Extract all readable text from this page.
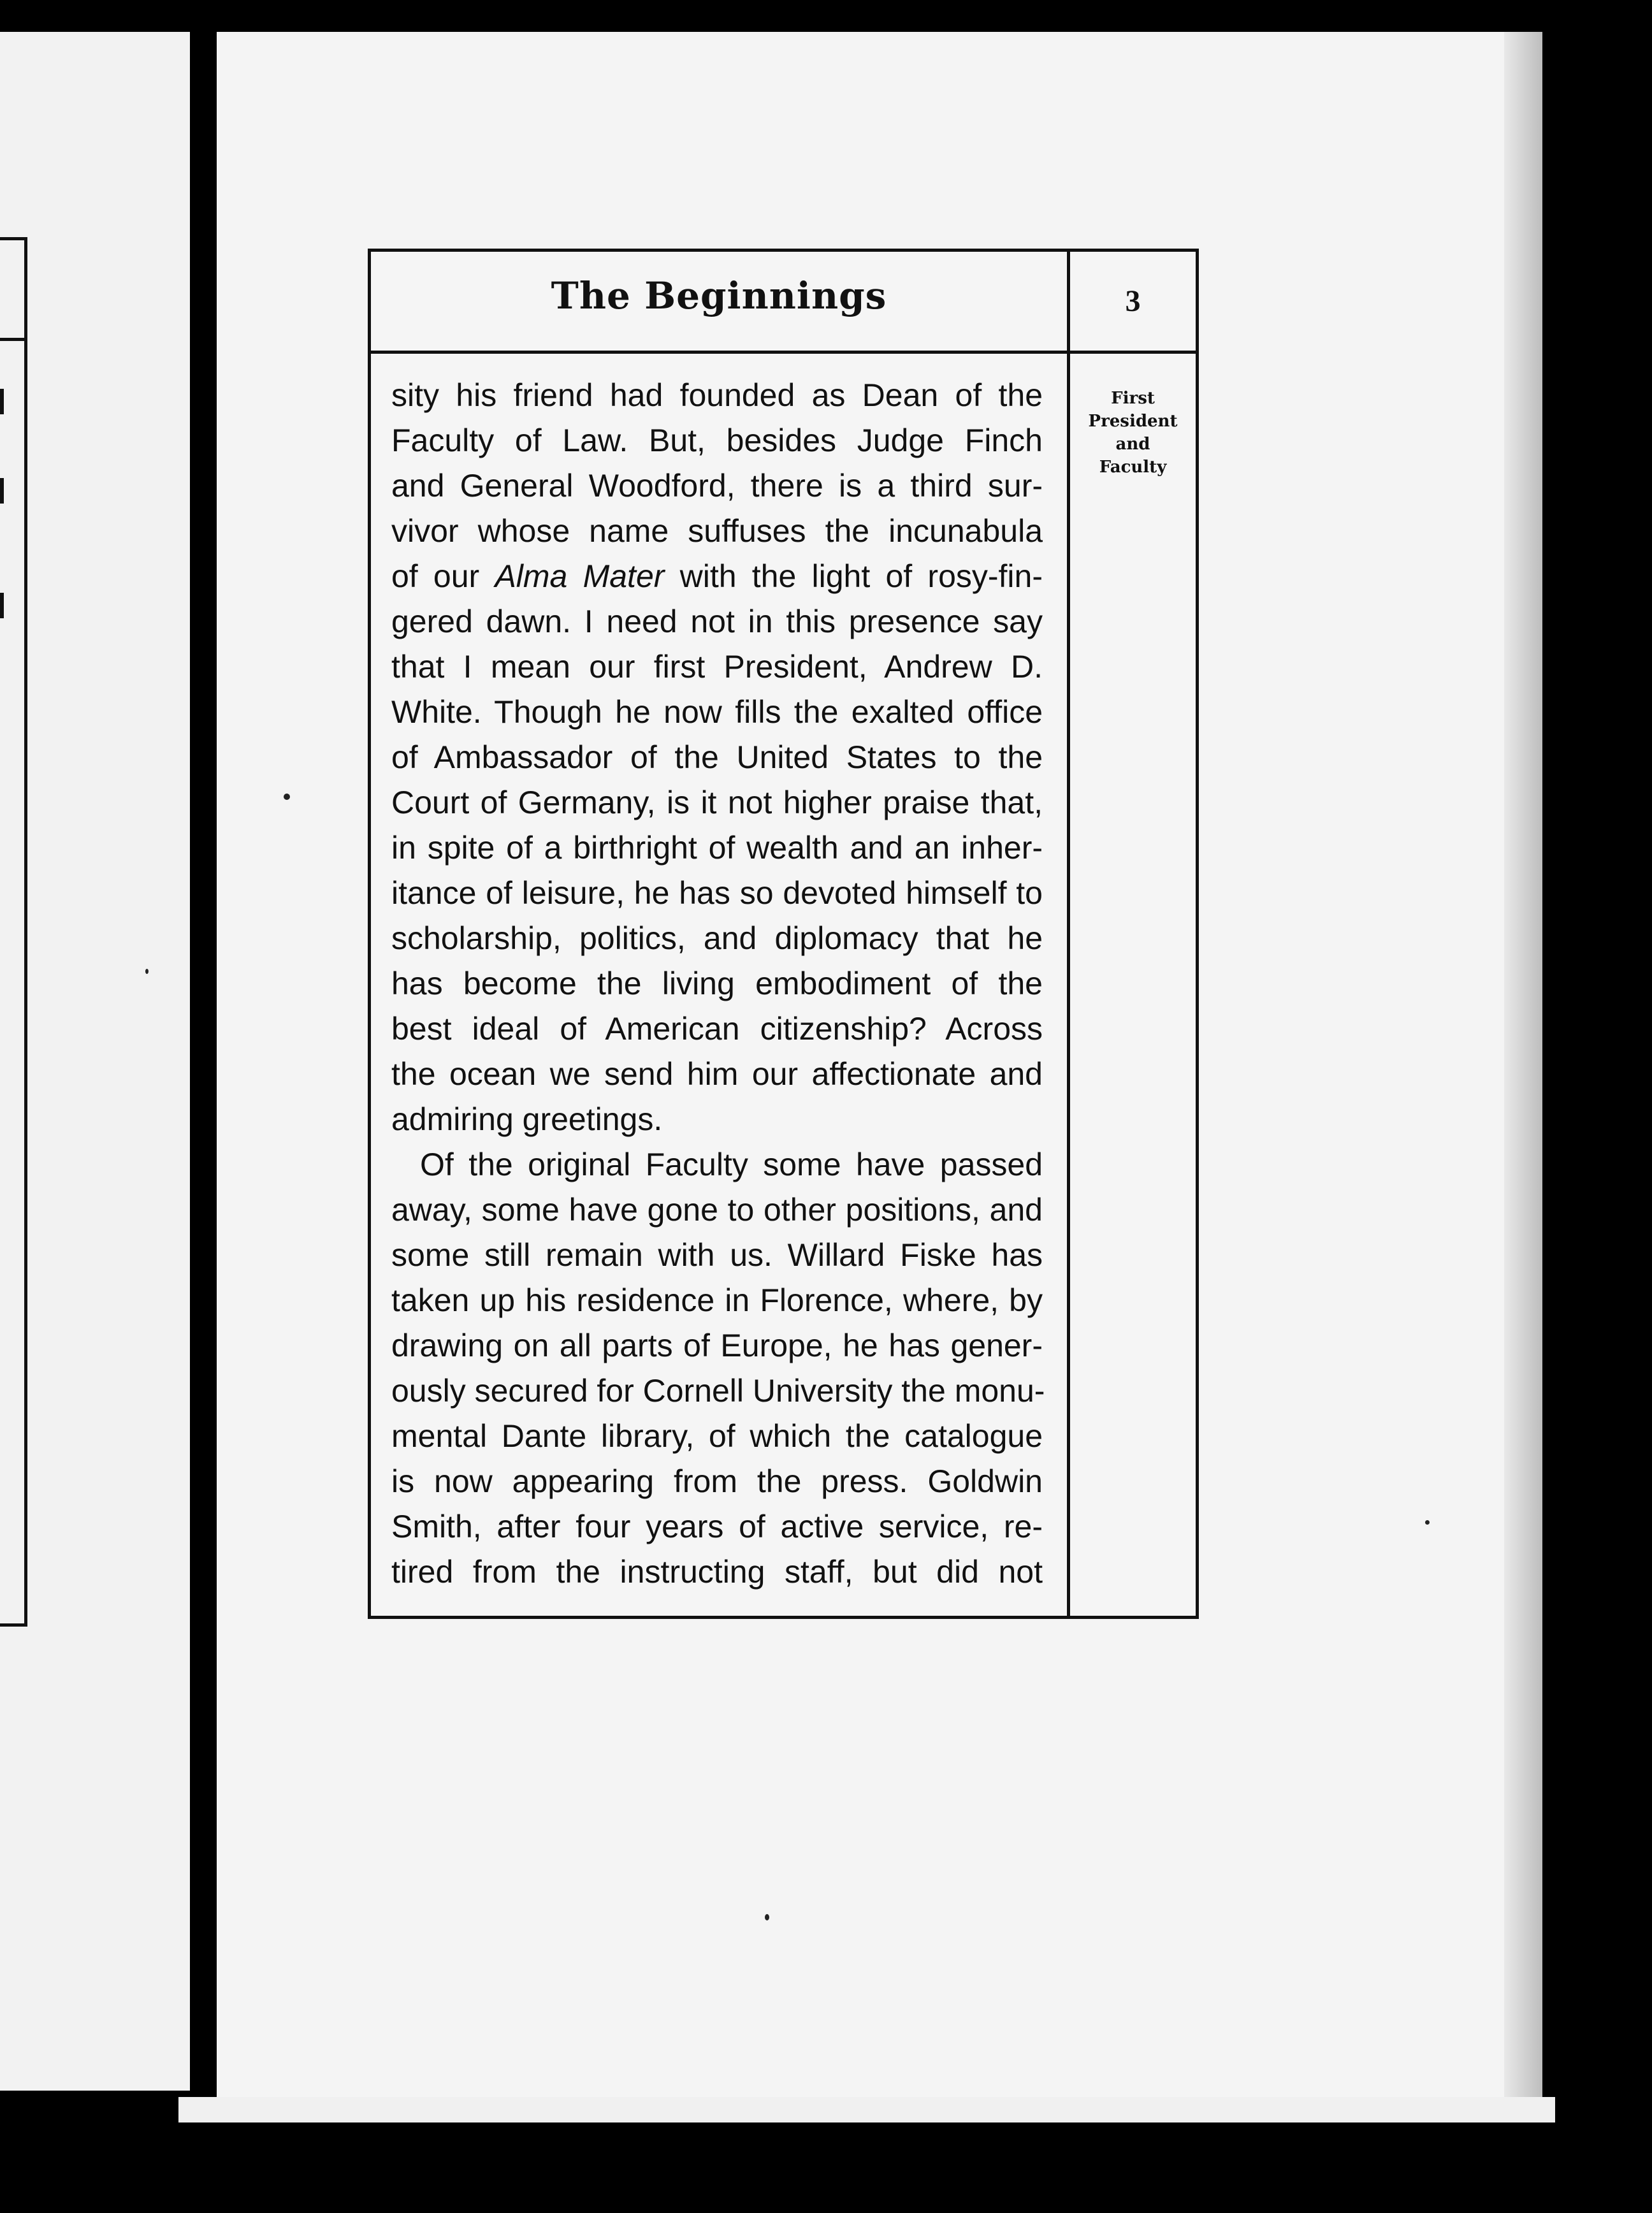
The Beginnings	3
First
President
and
Faculty
sity his friend had founded as Dean of the
Faculty of Law. But, besides Judge Finch
and General Woodford, there is a third sur-
vivor whose name suffuses the incunabula
of our Alma Mater with the light of rosy-fin-
gered dawn. I need not in this presence say
that I mean our first President, Andrew D.
White. Though he now fills the exalted office
of Ambassador of the United States to the
Court of Germany, is it not higher praise that,
in spite of a birthright of wealth and an inher-
itance of leisure, he has so devoted himself to
scholarship, politics, and diplomacy that he
has become the living embodiment of the
best ideal of American citizenship? Across
the ocean we send him our affectionate and
admiring greetings.
Of the original Faculty some have passed
away, some have gone to other positions, and
some still remain with us. Willard Fiske has
taken up his residence in Florence, where, by
drawing on all parts of Europe, he has gener-
ously secured for Cornell University the monu-
mental Dante library, of which the catalogue
is now appearing from the press. Goldwin
Smith, after four years of active service, re-
tired from the instructing staff, but did not
